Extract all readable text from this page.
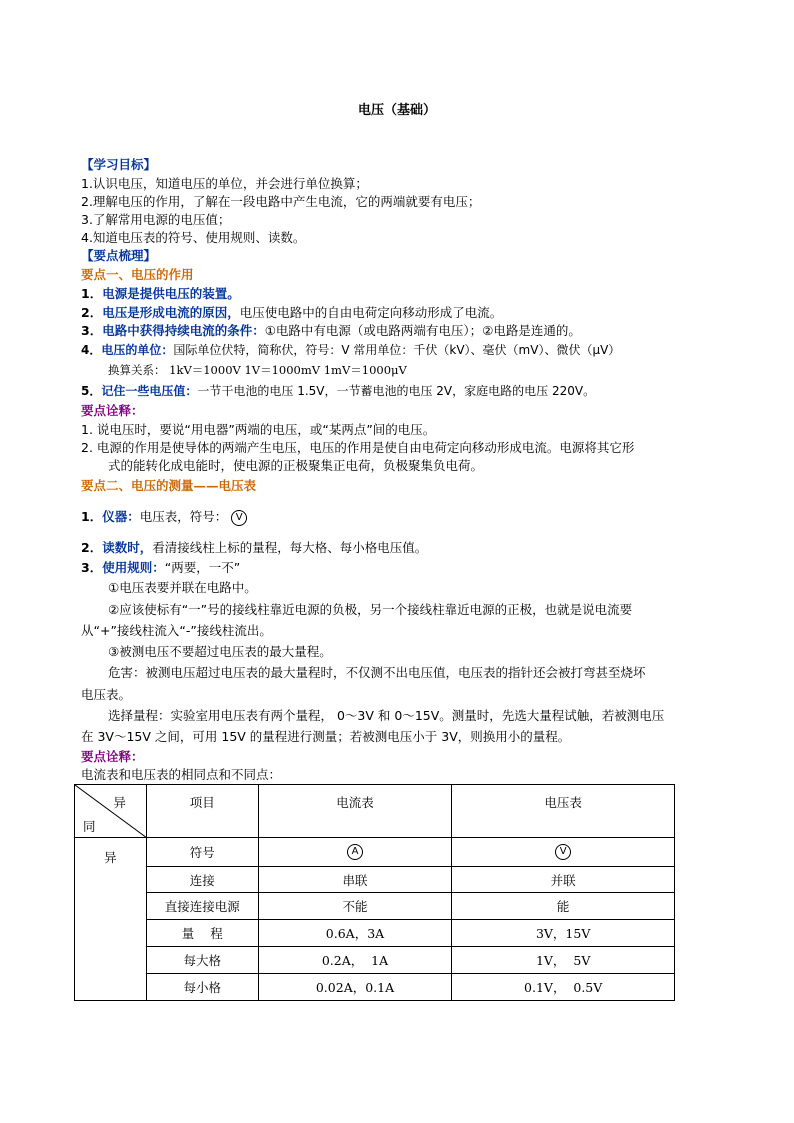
电压（基础）
【学习目标】
1.认识电压，知道电压的单位，并会进行单位换算；
2.理解电压的作用，了解在一段电路中产生电流，它的两端就要有电压；
3.了解常用电源的电压值；
4.知道电压表的符号、使用规则、读数。
【要点梳理】
要点一、电压的作用
1．电源是提供电压的装置。
2．电压是形成电流的原因，电压使电路中的自由电荷定向移动形成了电流。
3．电路中获得持续电流的条件：①电路中有电源（或电路两端有电压）；②电路是连通的。
4．电压的单位：国际单位伏特，简称伏，符号：V 常用单位：千伏（kV）、毫伏（mV）、微伏（μV）
换算关系： 1kV＝1000V 1V＝1000mV 1mV＝1000μV
5．记住一些电压值：一节干电池的电压 1.5V，一节蓄电池的电压 2V，家庭电路的电压 220V。
要点诠释：
1. 说电压时，要说“用电器”两端的电压，或“某两点”间的电压。
2. 电源的作用是使导体的两端产生电压，电压的作用是使自由电荷定向移动形成电流。电源将其它形
式的能转化成电能时，使电源的正极聚集正电荷，负极聚集负电荷。
要点二、电压的测量——电压表
1．仪器：电压表，符号： V
2．读数时，看清接线柱上标的量程，每大格、每小格电压值。
3．使用规则：“两要，一不”
①电压表要并联在电路中。
②应该使标有“一”号的接线柱靠近电源的负极，另一个接线柱靠近电源的正极，也就是说电流要
从“+”接线柱流入“-”接线柱流出。
③被测电压不要超过电压表的最大量程。
危害：被测电压超过电压表的最大量程时，不仅测不出电压值，电压表的指针还会被打弯甚至烧坏
电压表。
选择量程：实验室用电压表有两个量程， 0～3V 和 0～15V。测量时，先选大量程试触，若被测电压
在 3V～15V 之间，可用 15V 的量程进行测量；若被测电压小于 3V，则换用小的量程。
要点诠释：
电流表和电压表的相同点和不同点：
异
同	项目	电流表	电压表
异	符号	A	V
	连接	串联	并联
	直接连接电源	不能	能
	量    程	0.6A，3A	3V，15V
	每大格	0.2A，  1A	1V，  5V
	每小格	0.02A，0.1A	0.1V，  0.5V
